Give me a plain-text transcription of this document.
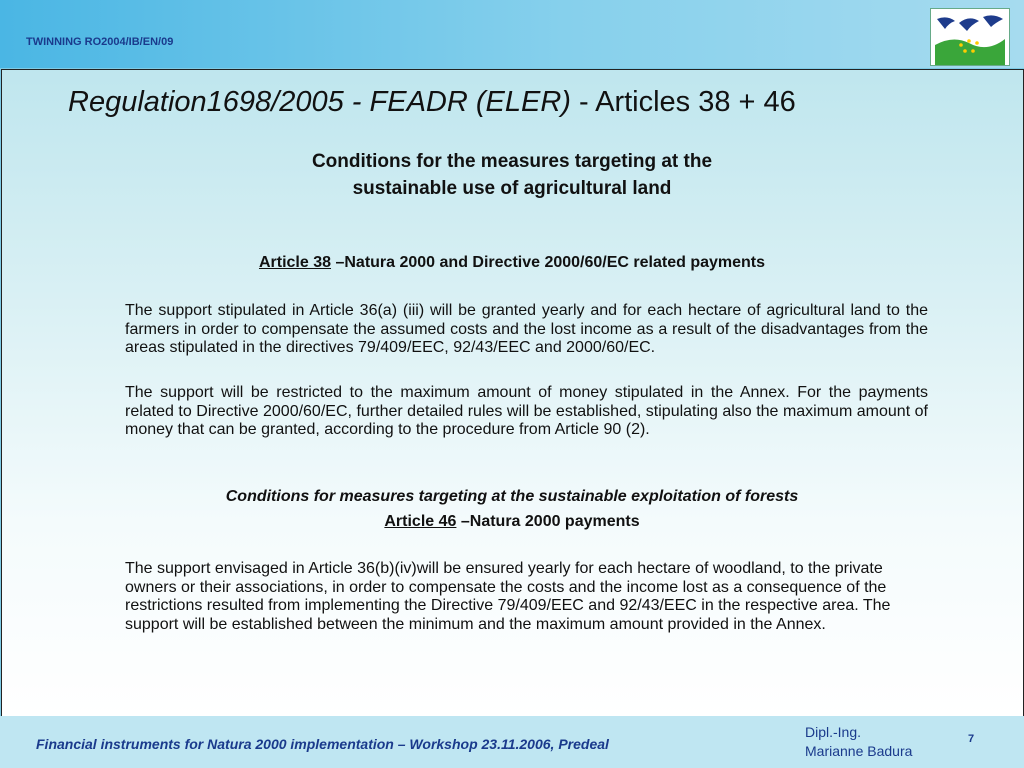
TWINNING RO2004/IB/EN/09
Regulation1698/2005 - FEADR (ELER) - Articles 38 + 46
Conditions for the measures targeting at the
sustainable use of agricultural land
Article 38 –Natura 2000 and Directive 2000/60/EC related payments
The support stipulated in Article 36(a) (iii) will be granted yearly and for each hectare of agricultural land to the farmers in order to compensate the assumed costs and the lost income as a result of the disadvantages from the areas stipulated in the directives 79/409/EEC, 92/43/EEC and 2000/60/EC.
The support will be restricted to the maximum amount of money stipulated in the Annex. For the payments related to Directive 2000/60/EC, further detailed rules will be established, stipulating also the maximum amount of money that can be granted, according to the procedure from Article 90 (2).
Conditions for measures targeting at the sustainable exploitation of forests
Article 46 –Natura 2000 payments
The support envisaged in Article 36(b)(iv)will be ensured yearly for each hectare of woodland, to the private owners or their associations, in order to compensate the costs and the income lost as a consequence of the restrictions resulted from implementing the Directive 79/409/EEC and 92/43/EEC in the respective area. The support will be established between the minimum and the maximum amount provided in the Annex.
Financial instruments for Natura 2000 implementation – Workshop 23.11.2006, Predeal
Dipl.-Ing.
Marianne Badura
7
